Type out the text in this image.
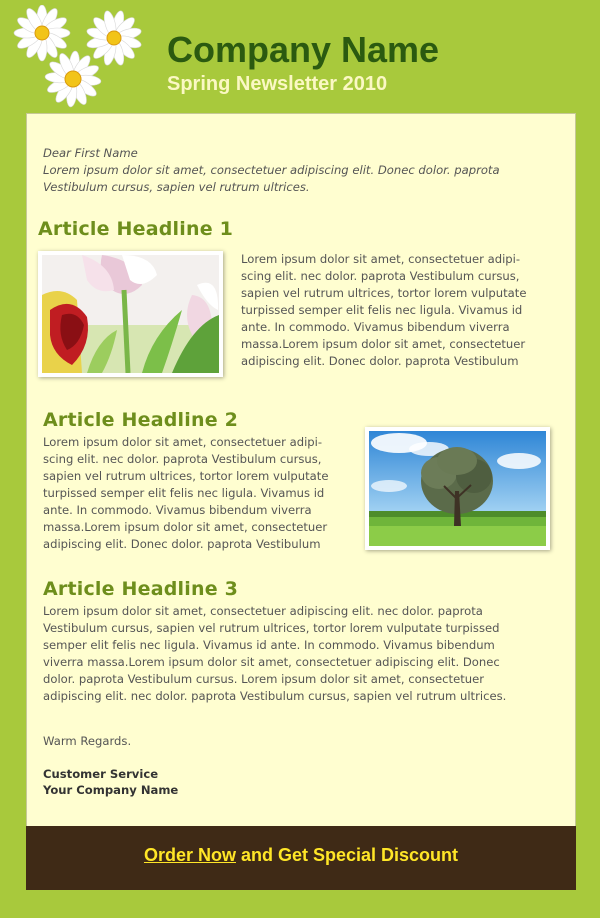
Company Name
Spring Newsletter 2010
Dear First Name
Lorem ipsum dolor sit amet, consectetuer adipiscing elit. Donec dolor. paprota
Vestibulum cursus, sapien vel rutrum ultrices.
Article Headline 1
Lorem ipsum dolor sit amet, consectetuer adipi-
scing elit. nec dolor. paprota Vestibulum cursus,
sapien vel rutrum ultrices, tortor lorem vulputate
turpissed semper elit felis nec ligula. Vivamus id
ante. In commodo. Vivamus bibendum viverra
massa.Lorem ipsum dolor sit amet, consectetuer
adipiscing elit. Donec dolor. paprota Vestibulum
Article Headline 2
Lorem ipsum dolor sit amet, consectetuer adipi-
scing elit. nec dolor. paprota Vestibulum cursus,
sapien vel rutrum ultrices, tortor lorem vulputate
turpissed semper elit felis nec ligula. Vivamus id
ante. In commodo. Vivamus bibendum viverra
massa.Lorem ipsum dolor sit amet, consectetuer
adipiscing elit. Donec dolor. paprota Vestibulum
Article Headline 3
Lorem ipsum dolor sit amet, consectetuer adipiscing elit. nec dolor. paprota
Vestibulum cursus, sapien vel rutrum ultrices, tortor lorem vulputate turpissed
semper elit felis nec ligula. Vivamus id ante. In commodo. Vivamus bibendum
viverra massa.Lorem ipsum dolor sit amet, consectetuer adipiscing elit. Donec
dolor. paprota Vestibulum cursus. Lorem ipsum dolor sit amet, consectetuer
adipiscing elit. nec dolor. paprota Vestibulum cursus, sapien vel rutrum ultrices.
Warm Regards.
Customer Service
Your Company Name
Order Now and Get Special Discount
